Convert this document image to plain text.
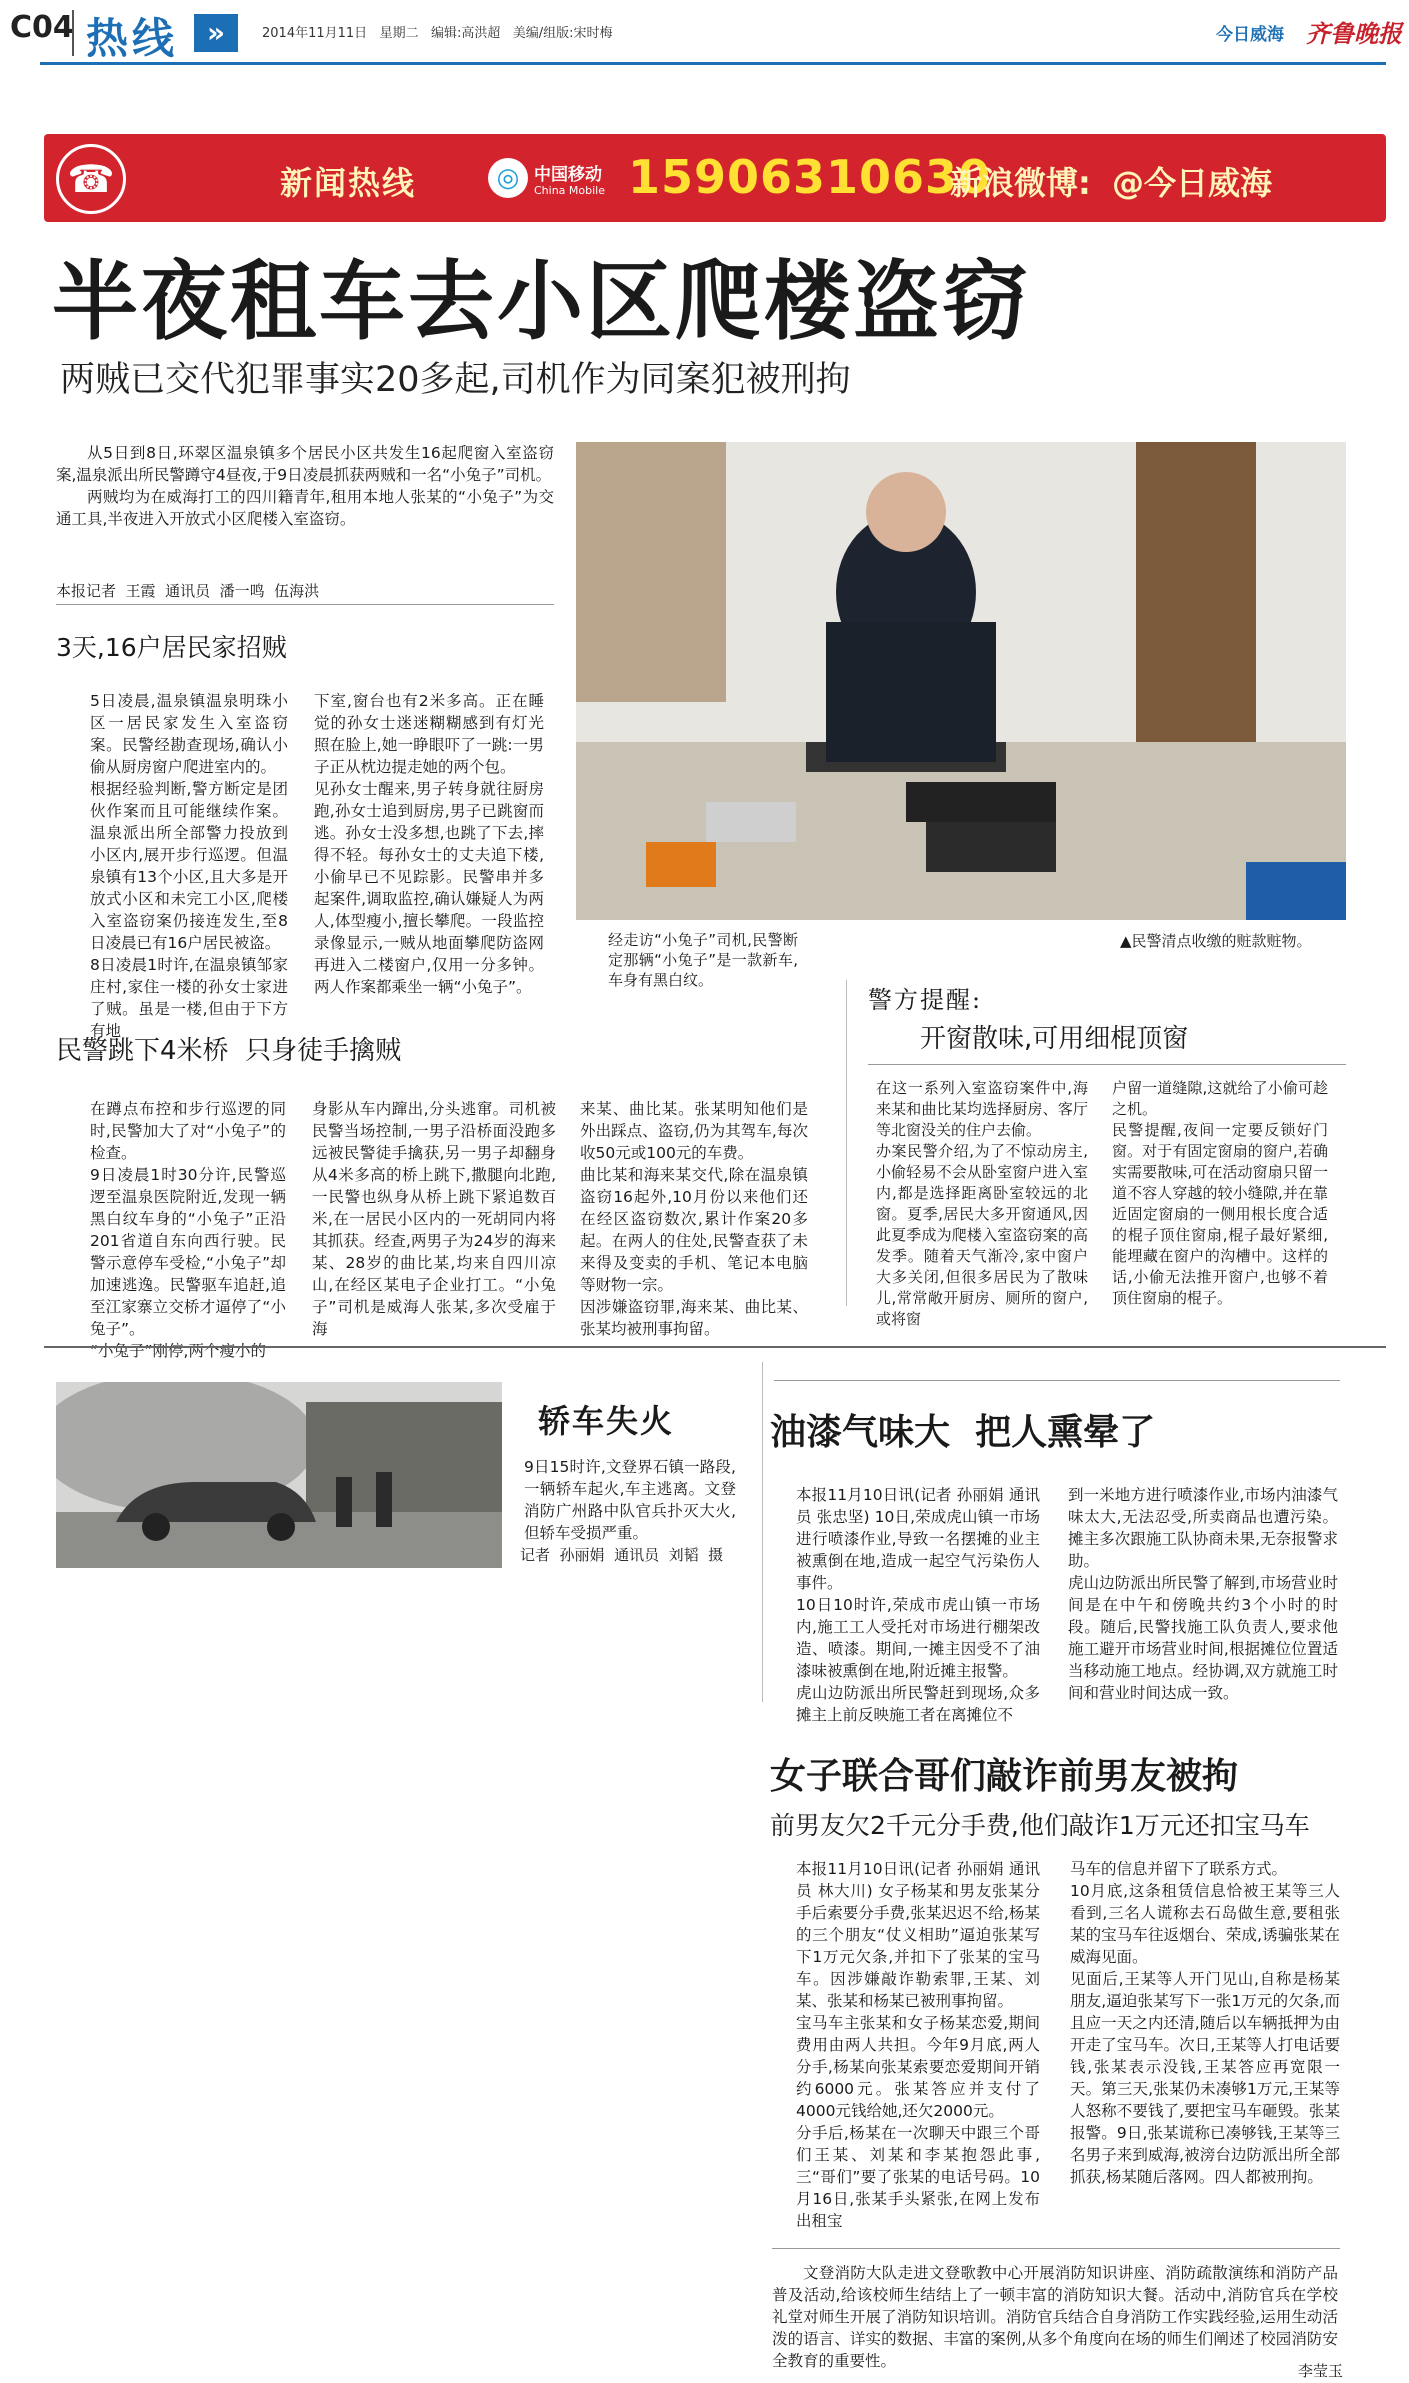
C04 热线	»	2014年11月11日   星期二   编辑:高洪超   美编/组版:宋时梅	今日威海 齐鲁晚报
☎	新闻热线	◎ 中国移动
China Mobile 15906310630
新浪微博: @今日威海
半夜租车去小区爬楼盗窃
两贼已交代犯罪事实20多起,司机作为同案犯被刑拘

从5日到8日,环翠区温泉镇多个居民小区共发生16起爬窗入室盗窃案,温泉派出所民警蹲守4昼夜,于9日凌晨抓获两贼和一名“小兔子”司机。

两贼均为在威海打工的四川籍青年,租用本地人张某的“小兔子”为交通工具,半夜进入开放式小区爬楼入室盗窃。

本报记者  王霞  通讯员  潘一鸣  伍海洪
3天,16户居民家招贼
5日凌晨,温泉镇温泉明珠小区一居民家发生入室盗窃案。民警经勘查现场,确认小偷从厨房窗户爬进室内的。
根据经验判断,警方断定是团伙作案而且可能继续作案。温泉派出所全部警力投放到小区内,展开步行巡逻。但温泉镇有13个小区,且大多是开放式小区和未完工小区,爬楼入室盗窃案仍接连发生,至8日凌晨已有16户居民被盗。
8日凌晨1时许,在温泉镇邹家庄村,家住一楼的孙女士家进了贼。虽是一楼,但由于下方有地
下室,窗台也有2米多高。正在睡觉的孙女士迷迷糊糊感到有灯光照在脸上,她一睁眼吓了一跳:一男子正从枕边提走她的两个包。
见孙女士醒来,男子转身就往厨房跑,孙女士追到厨房,男子已跳窗而逃。孙女士没多想,也跳了下去,摔得不轻。每孙女士的丈夫追下楼,小偷早已不见踪影。民警串并多起案件,调取监控,确认嫌疑人为两人,体型瘦小,擅长攀爬。一段监控录像显示,一贼从地面攀爬防盗网再进入二楼窗户,仅用一分多钟。两人作案都乘坐一辆“小兔子”。
▲民警清点收缴的赃款赃物。
经走访“小兔子”司机,民警断定那辆“小兔子”是一款新车,车身有黑白纹。
警方提醒:
开窗散味,可用细棍顶窗
在这一系列入室盗窃案件中,海来某和曲比某均选择厨房、客厅等北窗没关的住户去偷。
办案民警介绍,为了不惊动房主,小偷轻易不会从卧室窗户进入室内,都是选择距离卧室较远的北窗。夏季,居民大多开窗通风,因此夏季成为爬楼入室盗窃案的高发季。随着天气渐冷,家中窗户大多关闭,但很多居民为了散味儿,常常敞开厨房、厕所的窗户,或将窗
户留一道缝隙,这就给了小偷可趁之机。
民警提醒,夜间一定要反锁好门窗。对于有固定窗扇的窗户,若确实需要散味,可在活动窗扇只留一道不容人穿越的较小缝隙,并在靠近固定窗扇的一侧用根长度合适的棍子顶住窗扇,棍子最好紧细,能埋藏在窗户的沟槽中。这样的话,小偷无法推开窗户,也够不着顶住窗扇的棍子。
民警跳下4米桥  只身徒手擒贼
在蹲点布控和步行巡逻的同时,民警加大了对“小兔子”的检查。
9日凌晨1时30分许,民警巡逻至温泉医院附近,发现一辆黑白纹车身的“小兔子”正沿201省道自东向西行驶。民警示意停车受检,“小兔子”却加速逃逸。民警驱车追赶,追至江家寨立交桥才逼停了“小兔子”。
“小兔子”刚停,两个瘦小的
身影从车内蹿出,分头逃窜。司机被民警当场控制,一男子沿桥面没跑多远被民警徒手擒获,另一男子却翻身从4米多高的桥上跳下,撒腿向北跑,一民警也纵身从桥上跳下紧追数百米,在一居民小区内的一死胡同内将其抓获。经查,两男子为24岁的海来某、28岁的曲比某,均来自四川凉山,在经区某电子企业打工。“小兔子”司机是威海人张某,多次受雇于海
来某、曲比某。张某明知他们是外出踩点、盗窃,仍为其驾车,每次收50元或100元的车费。
曲比某和海来某交代,除在温泉镇盗窃16起外,10月份以来他们还在经区盗窃数次,累计作案20多起。在两人的住处,民警查获了未来得及变卖的手机、笔记本电脑等财物一宗。
因涉嫌盗窃罪,海来某、曲比某、张某均被刑事拘留。
轿车失火
9日15时许,文登界石镇一路段,一辆轿车起火,车主逃离。文登消防广州路中队官兵扑灭大火,但轿车受损严重。
记者  孙丽娟  通讯员  刘韬  摄
油漆气味大  把人熏晕了
本报11月10日讯(记者 孙丽娟 通讯员 张忠坚) 10日,荣成虎山镇一市场进行喷漆作业,导致一名摆摊的业主被熏倒在地,造成一起空气污染伤人事件。
10日10时许,荣成市虎山镇一市场内,施工工人受托对市场进行棚架改造、喷漆。期间,一摊主因受不了油漆味被熏倒在地,附近摊主报警。
虎山边防派出所民警赶到现场,众多摊主上前反映施工者在离摊位不
到一米地方进行喷漆作业,市场内油漆气味太大,无法忍受,所卖商品也遭污染。摊主多次跟施工队协商未果,无奈报警求助。
虎山边防派出所民警了解到,市场营业时间是在中午和傍晚共约3个小时的时段。随后,民警找施工队负责人,要求他施工避开市场营业时间,根据摊位位置适当移动施工地点。经协调,双方就施工时间和营业时间达成一致。
女子联合哥们敲诈前男友被拘
前男友欠2千元分手费,他们敲诈1万元还扣宝马车
本报11月10日讯(记者 孙丽娟 通讯员 林大川) 女子杨某和男友张某分手后索要分手费,张某迟迟不给,杨某的三个朋友“仗义相助”逼迫张某写下1万元欠条,并扣下了张某的宝马车。因涉嫌敲诈勒索罪,王某、刘某、张某和杨某已被刑事拘留。
宝马车主张某和女子杨某恋爱,期间费用由两人共担。今年9月底,两人分手,杨某向张某索要恋爱期间开销约6000元。张某答应并支付了4000元钱给她,还欠2000元。
分手后,杨某在一次聊天中跟三个哥们王某、刘某和李某抱怨此事,三“哥们”要了张某的电话号码。10月16日,张某手头紧张,在网上发布出租宝
马车的信息并留下了联系方式。
10月底,这条租赁信息恰被王某等三人看到,三名人谎称去石岛做生意,要租张某的宝马车往返烟台、荣成,诱骗张某在威海见面。
见面后,王某等人开门见山,自称是杨某朋友,逼迫张某写下一张1万元的欠条,而且应一天之内还清,随后以车辆抵押为由开走了宝马车。次日,王某等人打电话要钱,张某表示没钱,王某答应再宽限一天。第三天,张某仍未凑够1万元,王某等人怒称不要钱了,要把宝马车砸毁。张某报警。9日,张某谎称已凑够钱,王某等三名男子来到威海,被滂台边防派出所全部抓获,杨某随后落网。四人都被刑拘。
文登消防大队走进文登歌教中心开展消防知识讲座、消防疏散演练和消防产品普及活动,给该校师生结结上了一顿丰富的消防知识大餐。活动中,消防官兵在学校礼堂对师生开展了消防知识培训。消防官兵结合自身消防工作实践经验,运用生动活泼的语言、详实的数据、丰富的案例,从多个角度向在场的师生们阐述了校园消防安全教育的重要性。
李莹玉
